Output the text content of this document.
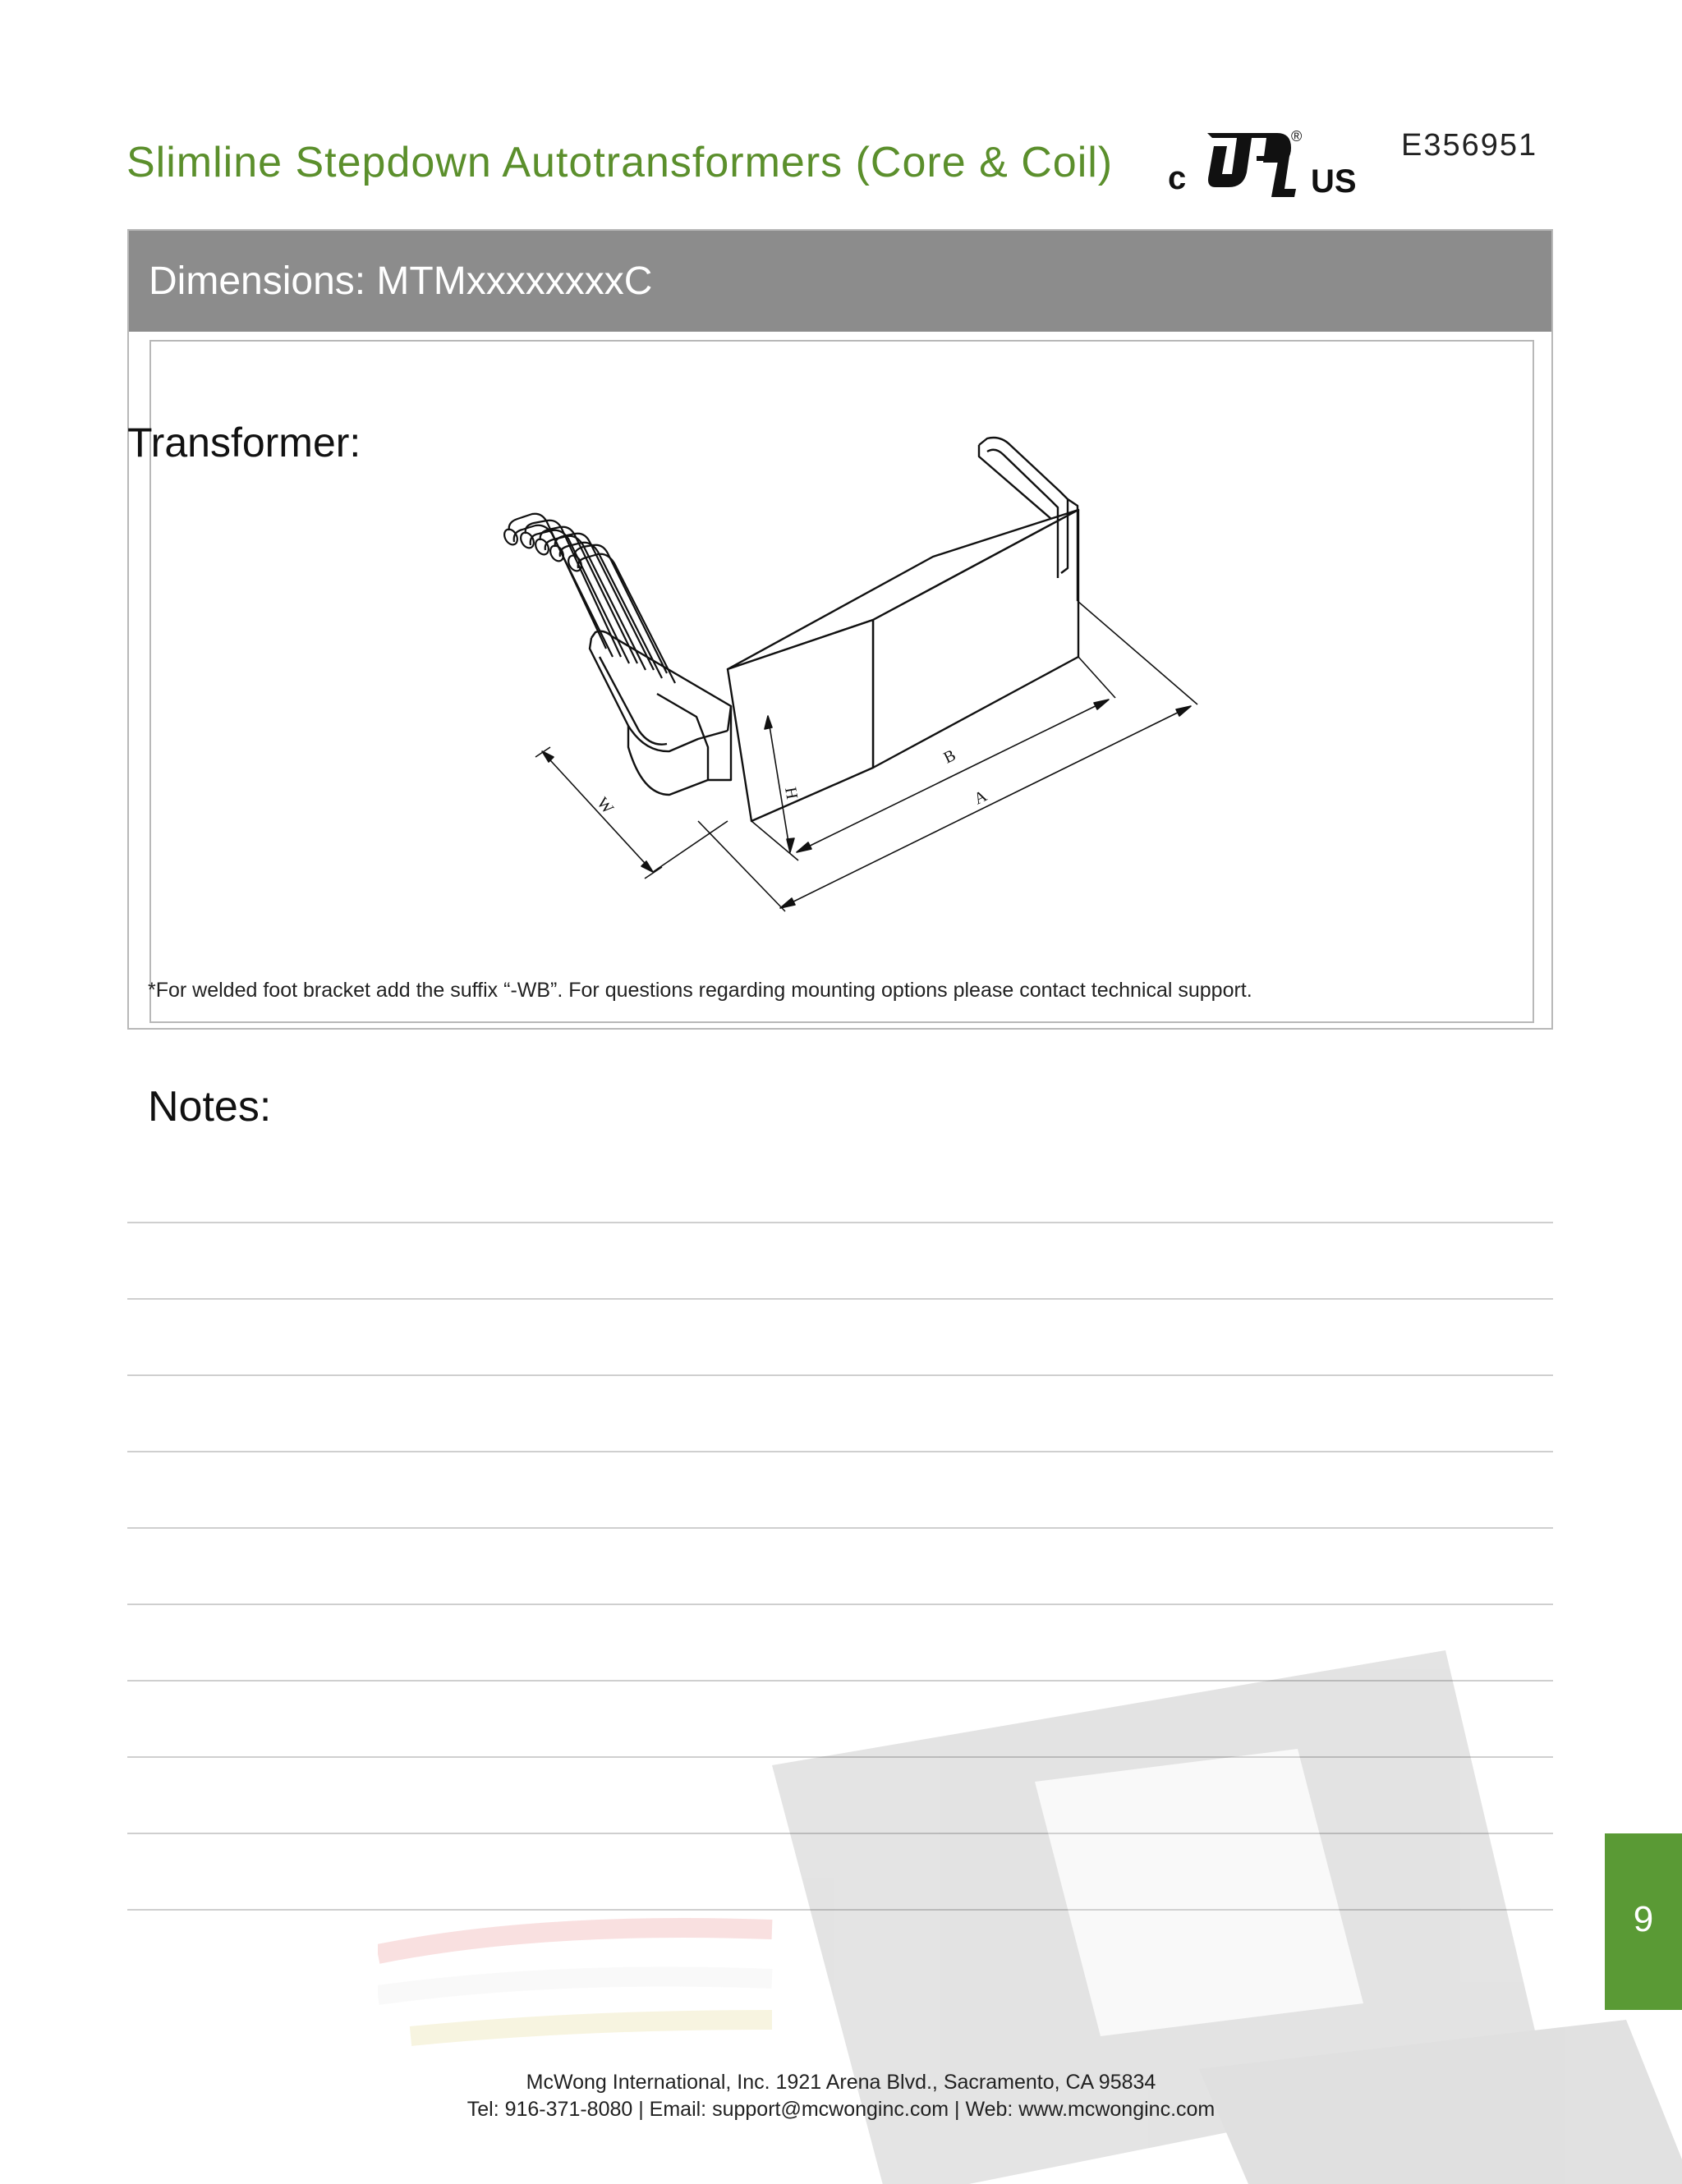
Slimline Stepdown Autotransformers (Core & Coil) c	US
®	E356951
Dimensions: MTMxxxxxxxxC
Transformer:
W
H
B
A
*For welded foot bracket add the suffix “-WB”. For questions regarding mounting options please contact technical support.
Notes:
9
McWong International, Inc. 1921 Arena Blvd., Sacramento, CA 95834
Tel: 916-371-8080 | Email: support@mcwonginc.com | Web: www.mcwonginc.com
